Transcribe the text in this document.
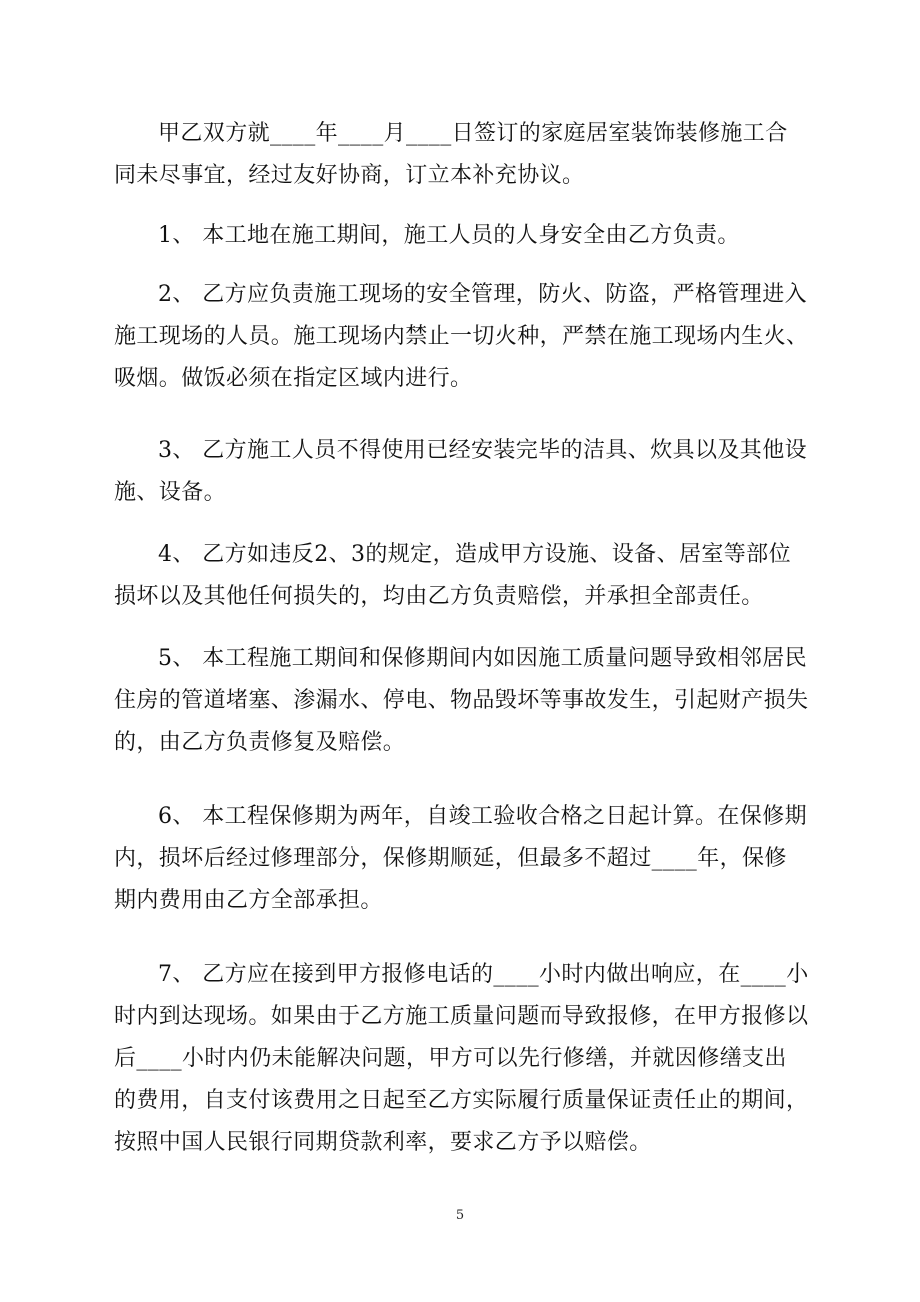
甲乙双方就____年____月____日签订的家庭居室装饰装修施工合同未尽事宜，经过友好协商，订立本补充协议。

1、 本工地在施工期间，施工人员的人身安全由乙方负责。

2、 乙方应负责施工现场的安全管理，防火、防盗，严格管理进入施工现场的人员。施工现场内禁止一切火种，严禁在施工现场内生火、吸烟。做饭必须在指定区域内进行。

3、 乙方施工人员不得使用已经安装完毕的洁具、炊具以及其他设施、设备。

4、 乙方如违反2、3的规定，造成甲方设施、设备、居室等部位损坏以及其他任何损失的，均由乙方负责赔偿，并承担全部责任。

5、 本工程施工期间和保修期间内如因施工质量问题导致相邻居民住房的管道堵塞、渗漏水、停电、物品毁坏等事故发生，引起财产损失的，由乙方负责修复及赔偿。

6、 本工程保修期为两年，自竣工验收合格之日起计算。在保修期内，损坏后经过修理部分，保修期顺延，但最多不超过____年，保修期内费用由乙方全部承担。

7、 乙方应在接到甲方报修电话的____小时内做出响应，在____小时内到达现场。如果由于乙方施工质量问题而导致报修，在甲方报修以后____小时内仍未能解决问题，甲方可以先行修缮，并就因修缮支出的费用，自支付该费用之日起至乙方实际履行质量保证责任止的期间，按照中国人民银行同期贷款利率，要求乙方予以赔偿。

5
